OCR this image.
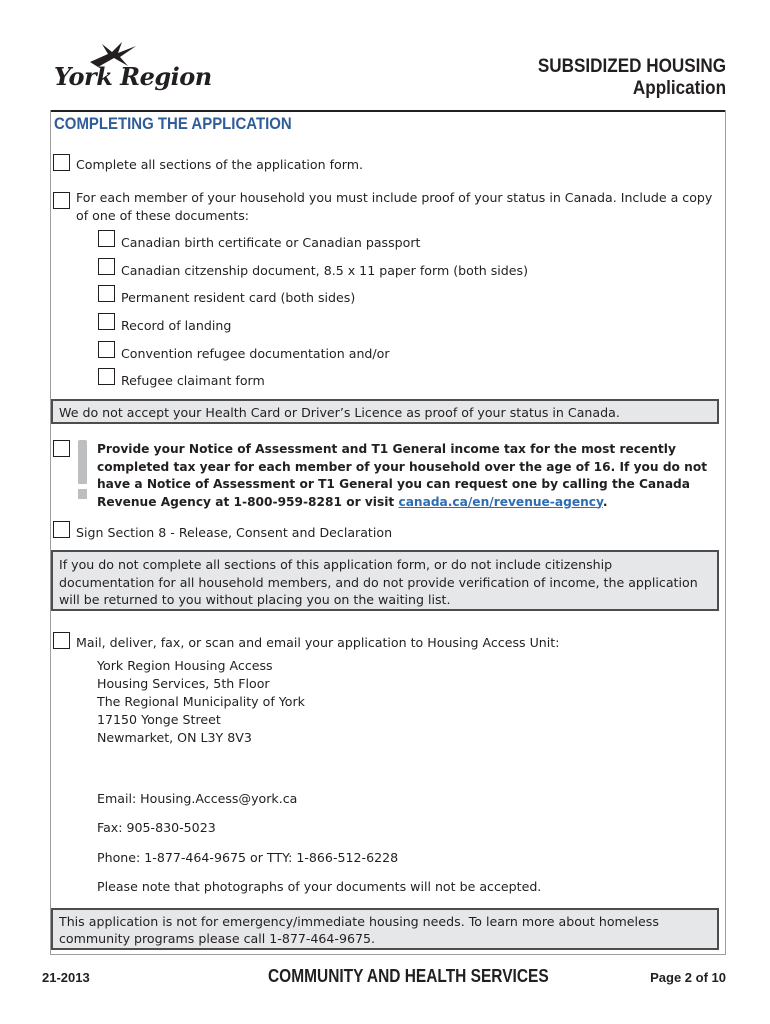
York Region	SUBSIDIZED HOUSING
Application
COMPLETING THE APPLICATION
Complete all sections of the application form.
For each member of your household you must include proof of your status in Canada. Include a copy of one of these documents:
Canadian birth certificate or Canadian passport
Canadian citzenship document, 8.5 x 11 paper form (both sides)
Permanent resident card (both sides)
Record of landing
Convention refugee documentation and/or
Refugee claimant form
We do not accept your Health Card or Driver’s Licence as proof of your status in Canada.
Provide your Notice of Assessment and T1 General income tax for the most recently completed tax year for each member of your household over the age of 16. If you do not have a Notice of Assessment or T1 General you can request one by calling the Canada Revenue Agency at 1-800-959-8281 or visit canada.ca/en/revenue-agency.
Sign Section 8 - Release, Consent and Declaration
If you do not complete all sections of this application form, or do not include citizenship documentation for all household members, and do not provide verification of income, the application will be returned to you without placing you on the waiting list.
Mail, deliver, fax, or scan and email your application to Housing Access Unit:
York Region Housing Access
Housing Services, 5th Floor
The Regional Municipality of York
17150 Yonge Street
Newmarket, ON L3Y 8V3
Email: Housing.Access@york.ca
Fax: 905-830-5023
Phone: 1-877-464-9675 or TTY: 1-866-512-6228
Please note that photographs of your documents will not be accepted.
This application is not for emergency/immediate housing needs. To learn more about homeless community programs please call 1-877-464-9675.
21-2013	COMMUNITY AND HEALTH SERVICES	Page 2 of 10
